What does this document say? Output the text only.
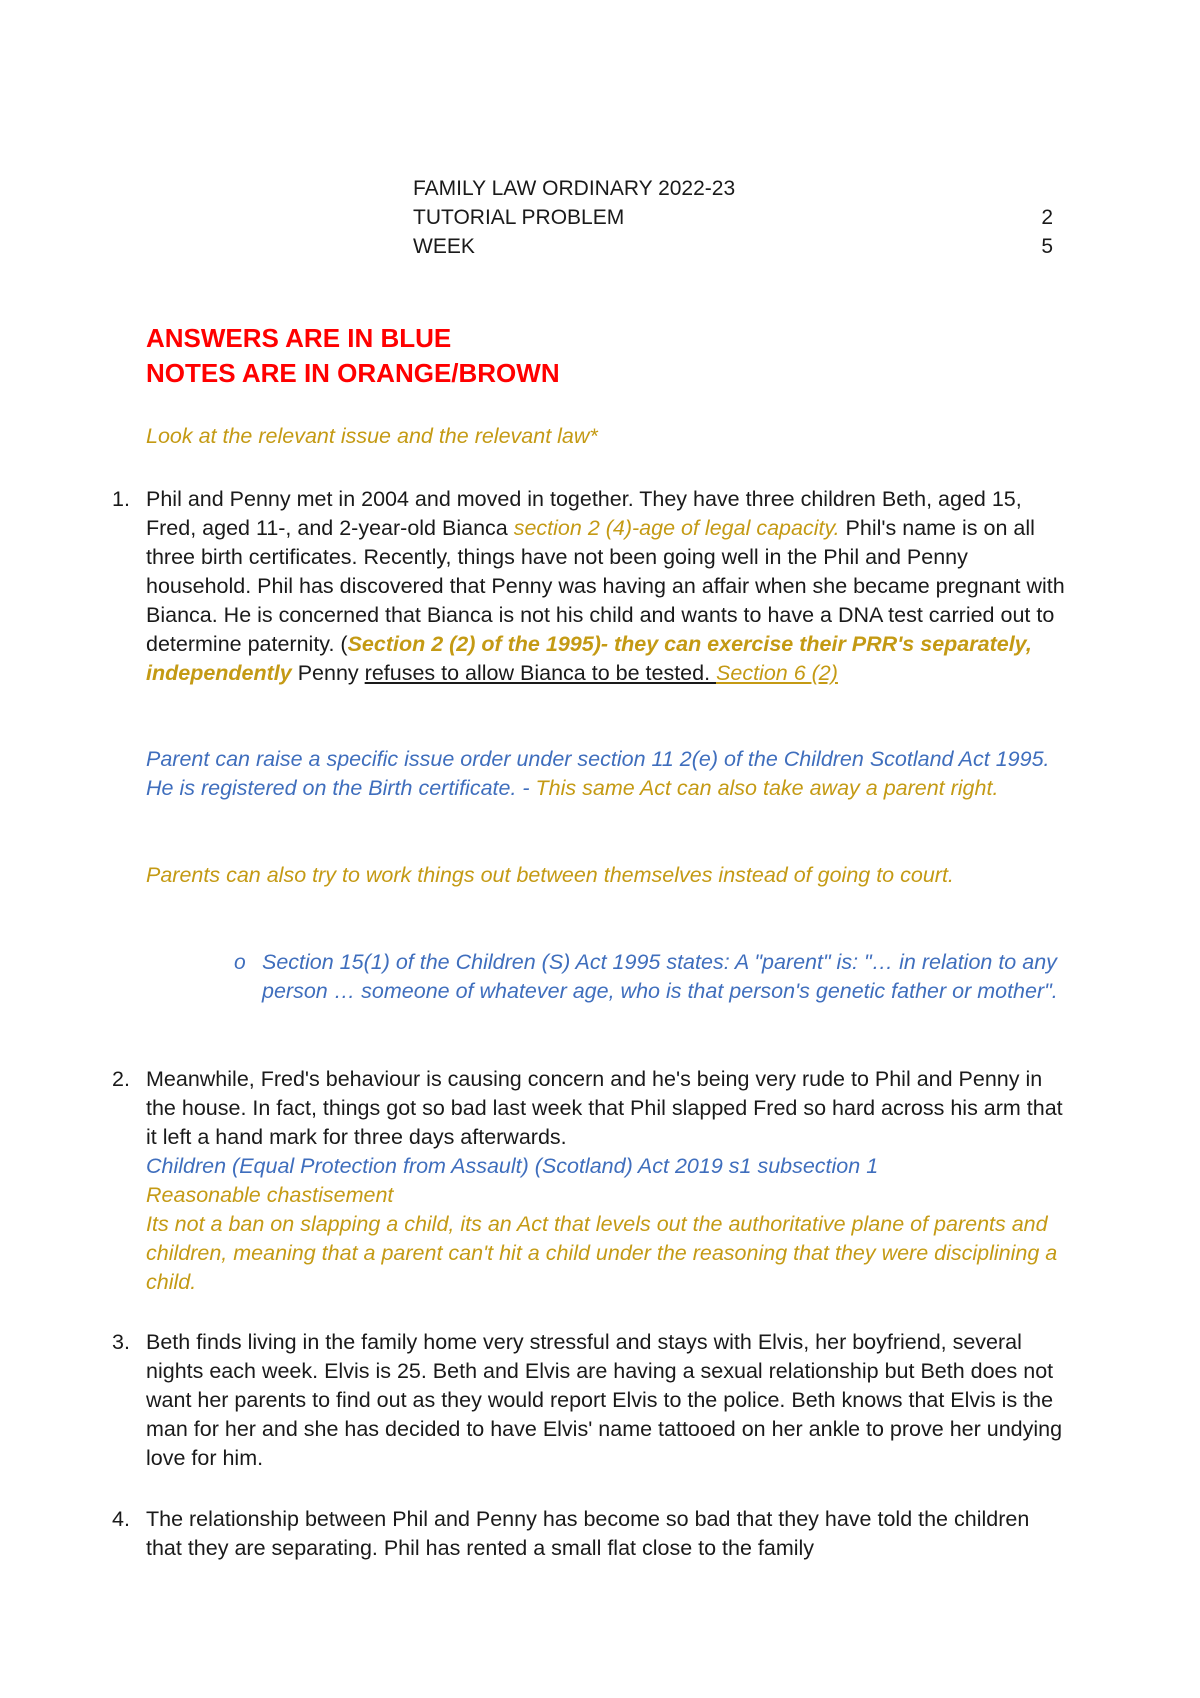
FAMILY LAW ORDINARY 2022-23
TUTORIAL PROBLEM	2
WEEK	5
ANSWERS ARE IN BLUE
NOTES ARE IN ORANGE/BROWN
Look at the relevant issue and the relevant law*
1. Phil and Penny met in 2004 and moved in together. They have three children Beth, aged 15, Fred, aged 11-, and 2-year-old Bianca section 2 (4)-age of legal capacity. Phil's name is on all three birth certificates. Recently, things have not been going well in the Phil and Penny household. Phil has discovered that Penny was having an affair when she became pregnant with Bianca. He is concerned that Bianca is not his child and wants to have a DNA test carried out to determine paternity. (Section 2 (2) of the 1995)- they can exercise their PRR's separately, independently Penny refuses to allow Bianca to be tested. Section 6 (2)
Parent can raise a specific issue order under section 11 2(e) of the Children Scotland Act 1995. He is registered on the Birth certificate. - This same Act can also take away a parent right.
Parents can also try to work things out between themselves instead of going to court.
o Section 15(1) of the Children (S) Act 1995 states: A "parent" is: "… in relation to any person … someone of whatever age, who is that person's genetic father or mother".
2. Meanwhile, Fred's behaviour is causing concern and he's being very rude to Phil and Penny in the house. In fact, things got so bad last week that Phil slapped Fred so hard across his arm that it left a hand mark for three days afterwards.
Children (Equal Protection from Assault) (Scotland) Act 2019 s1 subsection 1
Reasonable chastisement
Its not a ban on slapping a child, its an Act that levels out the authoritative plane of parents and children, meaning that a parent can't hit a child under the reasoning that they were disciplining a child.
3. Beth finds living in the family home very stressful and stays with Elvis, her boyfriend, several nights each week. Elvis is 25. Beth and Elvis are having a sexual relationship but Beth does not want her parents to find out as they would report Elvis to the police. Beth knows that Elvis is the man for her and she has decided to have Elvis' name tattooed on her ankle to prove her undying love for him.
4. The relationship between Phil and Penny has become so bad that they have told the children that they are separating. Phil has rented a small flat close to the family
